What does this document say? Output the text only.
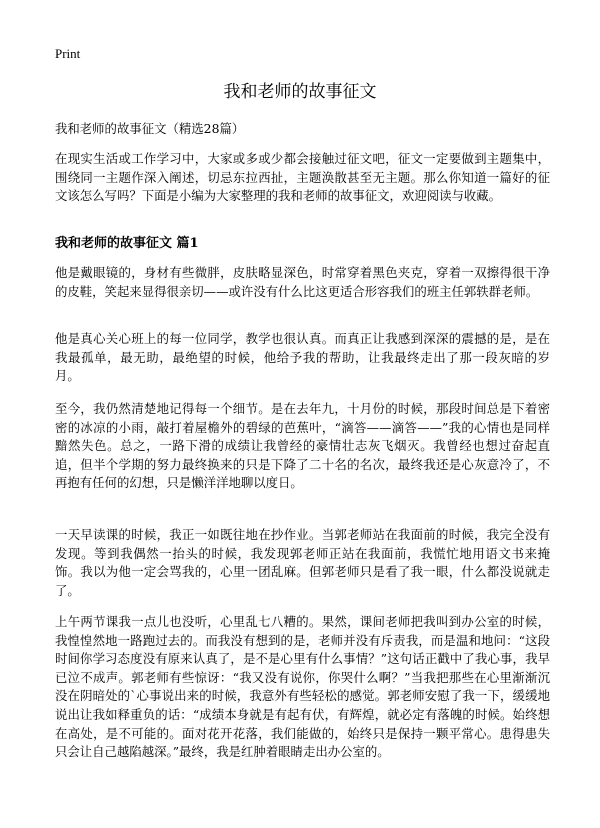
Print
我和老师的故事征文
我和老师的故事征文（精选28篇）

在现实生活或工作学习中，大家或多或少都会接触过征文吧，征文一定要做到主题集中，围绕同一主题作深入阐述，切忌东拉西扯，主题涣散甚至无主题。那么你知道一篇好的征文该怎么写吗？下面是小编为大家整理的我和老师的故事征文，欢迎阅读与收藏。

我和老师的故事征文 篇1

他是戴眼镜的，身材有些微胖，皮肤略显深色，时常穿着黑色夹克，穿着一双擦得很干净的皮鞋，笑起来显得很亲切——或许没有什么比这更适合形容我们的班主任郭轶群老师。

他是真心关心班上的每一位同学，教学也很认真。而真正让我感到深深的震撼的是，是在我最孤单，最无助，最绝望的时候，他给予我的帮助，让我最终走出了那一段灰暗的岁月。

至今，我仍然清楚地记得每一个细节。是在去年九，十月份的时候，那段时间总是下着密密的冰凉的小雨，敲打着屋檐外的碧绿的芭蕉叶，“滴答——滴答——”我的心情也是同样黯然失色。总之，一路下滑的成绩让我曾经的豪情壮志灰飞烟灭。我曾经也想过奋起直追，但半个学期的努力最终换来的只是下降了二十名的名次，最终我还是心灰意冷了，不再抱有任何的幻想，只是懒洋洋地聊以度日。

一天早读课的时候，我正一如既往地在抄作业。当郭老师站在我面前的时候，我完全没有发现。等到我偶然一抬头的时候，我发现郭老师正站在我面前，我慌忙地用语文书来掩饰。我以为他一定会骂我的，心里一团乱麻。但郭老师只是看了我一眼，什么都没说就走了。

上午两节课我一点儿也没听，心里乱七八糟的。果然，课间老师把我叫到办公室的时候，我惶惶然地一路跑过去的。而我没有想到的是，老师并没有斥责我，而是温和地问：“这段时间你学习态度没有原来认真了，是不是心里有什么事情？”这句话正戳中了我心事，我早已泣不成声。郭老师有些惊讶：“我又没有说你，你哭什么啊？”当我把那些在心里渐渐沉没在阴暗处的`心事说出来的时候，我意外有些轻松的感觉。郭老师安慰了我一下，缓缓地说出让我如释重负的话：“成绩本身就是有起有伏，有辉煌，就必定有落魄的时候。始终想在高处，是不可能的。面对花开花落，我们能做的，始终只是保持一颗平常心。患得患失只会让自己越陷越深。”最终，我是红肿着眼睛走出办公室的。
